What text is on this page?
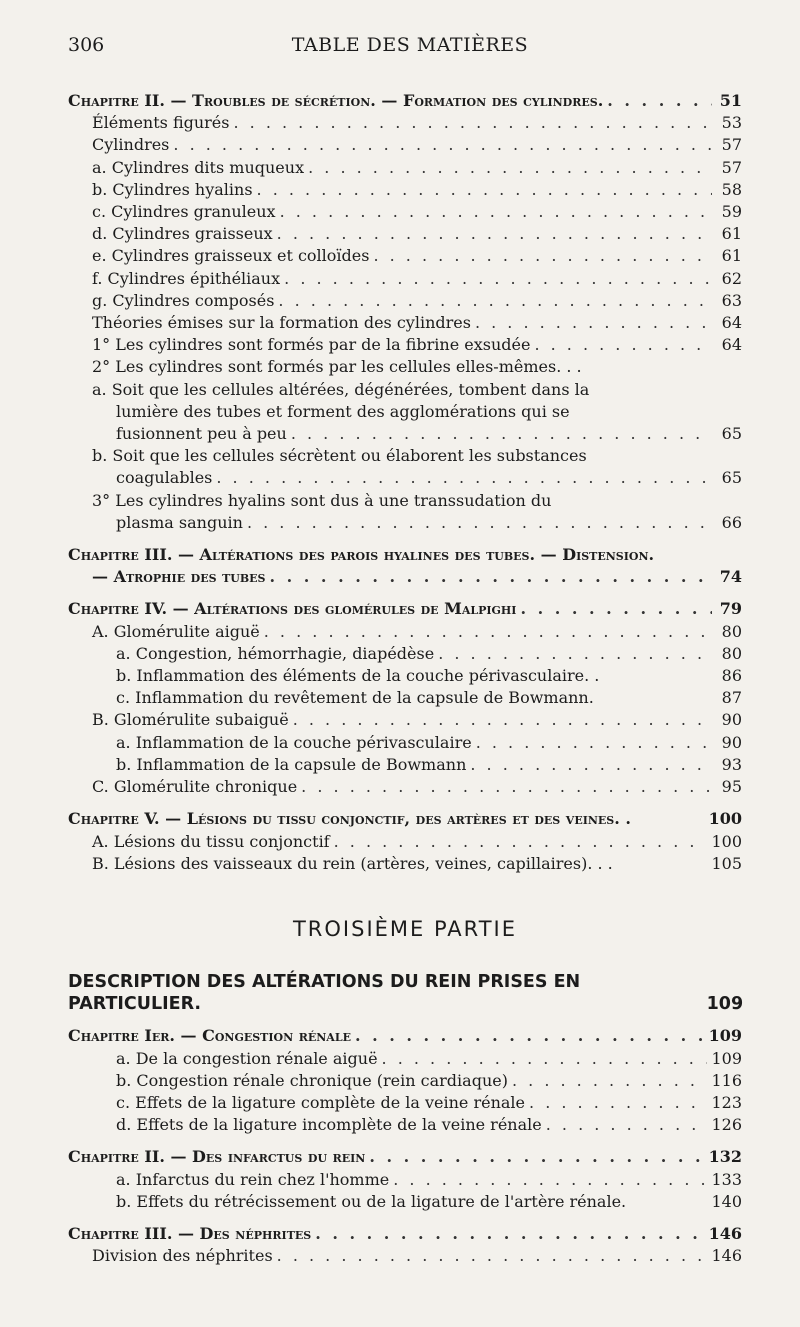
306	TABLE DES MATIÈRES
Chapitre II. — Troubles de sécrétion. — Formation des cylindres. . . .	51
Éléments figurés . . .	53
Cylindres . . .	57
a. Cylindres dits muqueux . . .	57
b. Cylindres hyalins . . .	58
c. Cylindres granuleux . . .	59
d. Cylindres graisseux . . .	61
e. Cylindres graisseux et colloïdes . . .	61
f. Cylindres épithéliaux . . .	62
g. Cylindres composés . . .	63
Théories émises sur la formation des cylindres . . .	64
1° Les cylindres sont formés par de la fibrine exsudée . . .	64
2° Les cylindres sont formés par les cellules elles-mêmes. . .
a. Soit que les cellules altérées, dégénérées, tombent dans la
lumière des tubes et forment des agglomérations qui se
fusionnent peu à peu . . .	65
b. Soit que les cellules sécrètent ou élaborent les substances
coagulables . . .	65
3° Les cylindres hyalins sont dus à une transsudation du
plasma sanguin . . .	66
Chapitre III. — Altérations des parois hyalines des tubes. — Distension.
— Atrophie des tubes . . .	74
Chapitre IV. — Altérations des glomérules de Malpighi . . .	79
A. Glomérulite aiguë . . .	80
a. Congestion, hémorrhagie, diapédèse . . .	80
b. Inflammation des éléments de la couche périvasculaire. .	86
c. Inflammation du revêtement de la capsule de Bowmann.	87
B. Glomérulite subaiguë . . .	90
a. Inflammation de la couche périvasculaire . . .	90
b. Inflammation de la capsule de Bowmann . . .	93
C. Glomérulite chronique . . .	95
Chapitre V. — Lésions du tissu conjonctif, des artères et des veines. .	100
A. Lésions du tissu conjonctif . . .	100
B. Lésions des vaisseaux du rein (artères, veines, capillaires). . .	105
TROISIÈME PARTIE
DESCRIPTION DES ALTÉRATIONS DU REIN PRISES EN PARTICULIER.	109
Chapitre Ier. — Congestion rénale . . .	109
a. De la congestion rénale aiguë . . .	109
b. Congestion rénale chronique (rein cardiaque) . . .	116
c. Effets de la ligature complète de la veine rénale . . .	123
d. Effets de la ligature incomplète de la veine rénale . . .	126
Chapitre II. — Des infarctus du rein . . .	132
a. Infarctus du rein chez l'homme . . .	133
b. Effets du rétrécissement ou de la ligature de l'artère rénale.	140
Chapitre III. — Des néphrites . . .	146
Division des néphrites . . .	146
